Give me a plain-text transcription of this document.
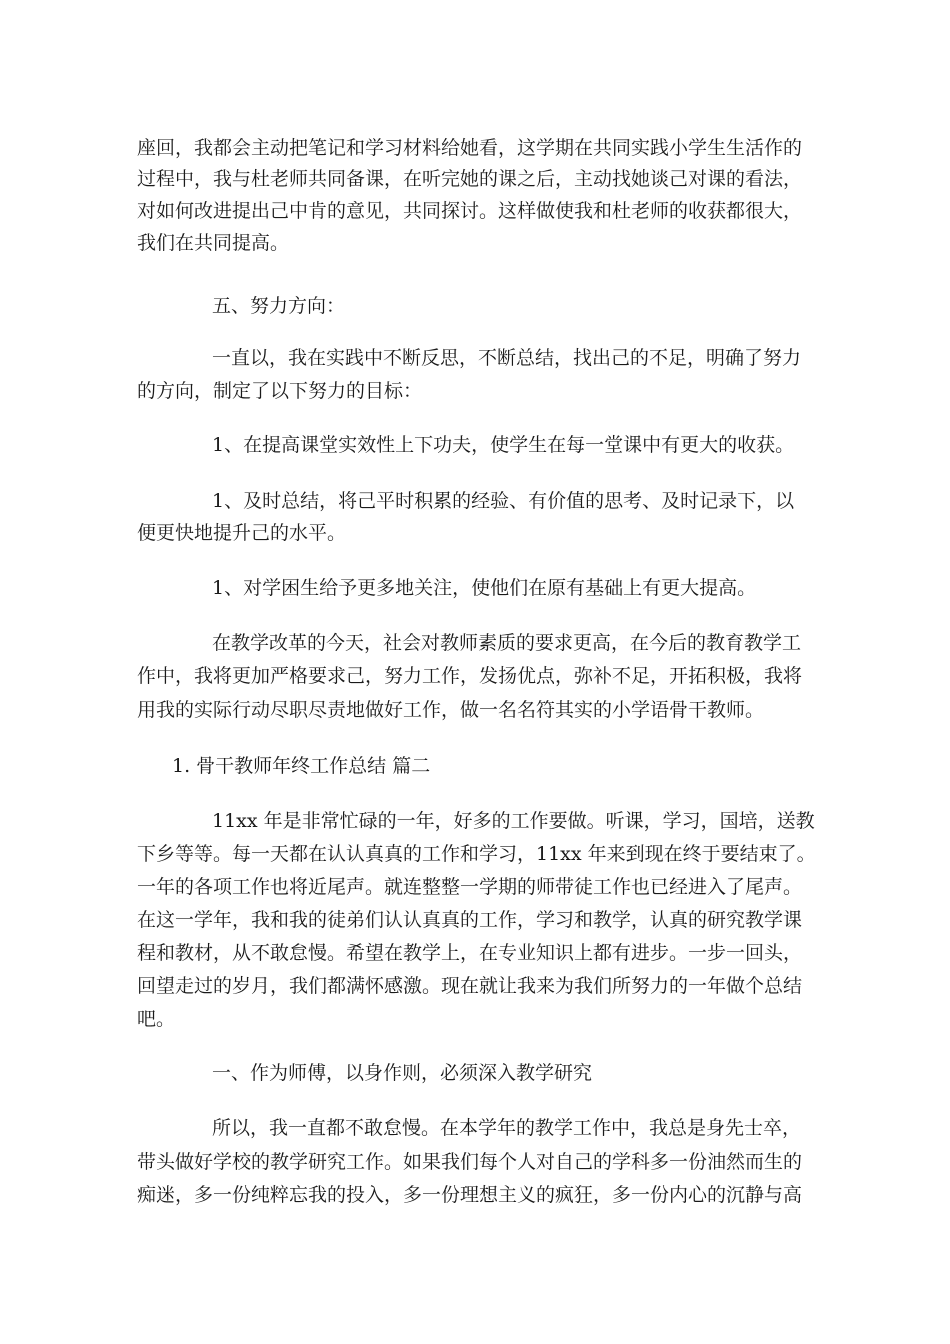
座回，我都会主动把笔记和学习材料给她看，这学期在共同实践小学生生活作的
过程中，我与杜老师共同备课，在听完她的课之后，主动找她谈己对课的看法，
对如何改进提出己中肯的意见，共同探讨。这样做使我和杜老师的收获都很大，
我们在共同提高。
五、努力方向：
一直以，我在实践中不断反思，不断总结，找出己的不足，明确了努力
的方向，制定了以下努力的目标：
1、在提高课堂实效性上下功夫，使学生在每一堂课中有更大的收获。
1、及时总结，将己平时积累的经验、有价值的思考、及时记录下，以
便更快地提升己的水平。
1、对学困生给予更多地关注，使他们在原有基础上有更大提高。
在教学改革的今天，社会对教师素质的要求更高，在今后的教育教学工
作中，我将更加严格要求己，努力工作，发扬优点，弥补不足，开拓积极，我将
用我的实际行动尽职尽责地做好工作，做一名名符其实的小学语骨干教师。
1. 骨干教师年终工作总结 篇二
11xx 年是非常忙碌的一年，好多的工作要做。听课，学习，国培，送教
下乡等等。每一天都在认认真真的工作和学习，11xx 年来到现在终于要结束了。
一年的各项工作也将近尾声。就连整整一学期的师带徒工作也已经进入了尾声。
在这一学年，我和我的徒弟们认认真真的工作，学习和教学，认真的研究教学课
程和教材，从不敢怠慢。希望在教学上，在专业知识上都有进步。一步一回头，
回望走过的岁月，我们都满怀感激。现在就让我来为我们所努力的一年做个总结
吧。
一、作为师傅，以身作则，必须深入教学研究
所以，我一直都不敢怠慢。在本学年的教学工作中，我总是身先士卒，
带头做好学校的教学研究工作。如果我们每个人对自己的学科多一份油然而生的
痴迷，多一份纯粹忘我的投入，多一份理想主义的疯狂，多一份内心的沉静与高
